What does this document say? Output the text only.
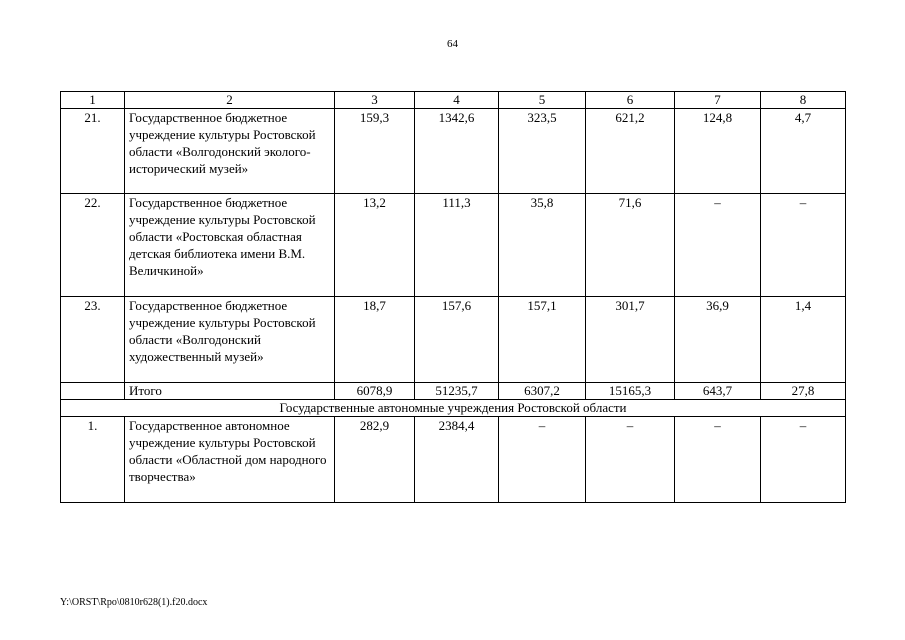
64
1	2	3	4	5	6	7	8
21.	Государственное бюджетное учреждение культуры Ростовской области «Волгодонский эколого-исторический музей»	159,3	1342,6	323,5	621,2	124,8	4,7
22.	Государственное бюджетное учреждение культуры Ростовской области «Ростовская областная детская библиотека имени В.М. Величкиной»	13,2	111,3	35,8	71,6	–	–
23.	Государственное бюджетное учреждение культуры Ростовской области «Волгодонский художественный музей»	18,7	157,6	157,1	301,7	36,9	1,4
	Итого	6078,9	51235,7	6307,2	15165,3	643,7	27,8
Государственные автономные учреждения Ростовской области							
1.	Государственное автономное учреждение культуры Ростовской области «Областной дом народного творчества»	282,9	2384,4	–	–	–	–
Y:\ORST\Rpo\0810r628(1).f20.docx
